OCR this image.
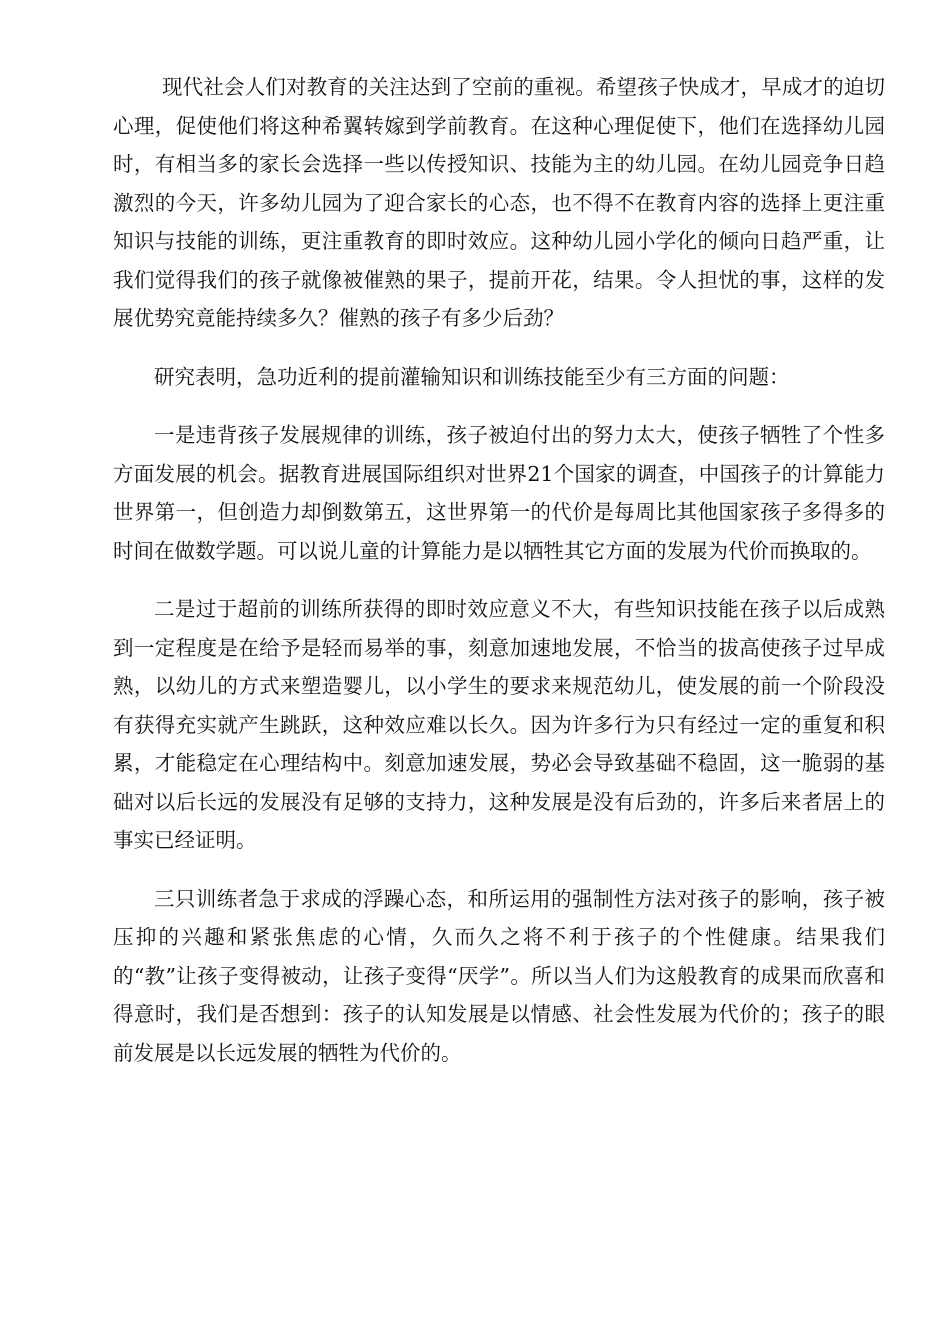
现代社会人们对教育的关注达到了空前的重视。希望孩子快成才，早成才的迫切心理，促使他们将这种希翼转嫁到学前教育。在这种心理促使下，他们在选择幼儿园时，有相当多的家长会选择一些以传授知识、技能为主的幼儿园。在幼儿园竞争日趋激烈的今天，许多幼儿园为了迎合家长的心态，也不得不在教育内容的选择上更注重知识与技能的训练，更注重教育的即时效应。这种幼儿园小学化的倾向日趋严重，让我们觉得我们的孩子就像被催熟的果子，提前开花，结果。令人担忧的事，这样的发展优势究竟能持续多久？催熟的孩子有多少后劲？

研究表明，急功近利的提前灌输知识和训练技能至少有三方面的问题：

一是违背孩子发展规律的训练，孩子被迫付出的努力太大，使孩子牺牲了个性多方面发展的机会。据教育进展国际组织对世界21个国家的调查，中国孩子的计算能力世界第一，但创造力却倒数第五，这世界第一的代价是每周比其他国家孩子多得多的时间在做数学题。可以说儿童的计算能力是以牺牲其它方面的发展为代价而换取的。

二是过于超前的训练所获得的即时效应意义不大，有些知识技能在孩子以后成熟到一定程度是在给予是轻而易举的事，刻意加速地发展，不恰当的拔高使孩子过早成熟，以幼儿的方式来塑造婴儿，以小学生的要求来规范幼儿，使发展的前一个阶段没有获得充实就产生跳跃，这种效应难以长久。因为许多行为只有经过一定的重复和积累，才能稳定在心理结构中。刻意加速发展，势必会导致基础不稳固，这一脆弱的基础对以后长远的发展没有足够的支持力，这种发展是没有后劲的，许多后来者居上的事实已经证明。

三只训练者急于求成的浮躁心态，和所运用的强制性方法对孩子的影响，孩子被压抑的兴趣和紧张焦虑的心情，久而久之将不利于孩子的个性健康。结果我们的“教”让孩子变得被动，让孩子变得“厌学”。所以当人们为这般教育的成果而欣喜和得意时，我们是否想到：孩子的认知发展是以情感、社会性发展为代价的；孩子的眼前发展是以长远发展的牺牲为代价的。
